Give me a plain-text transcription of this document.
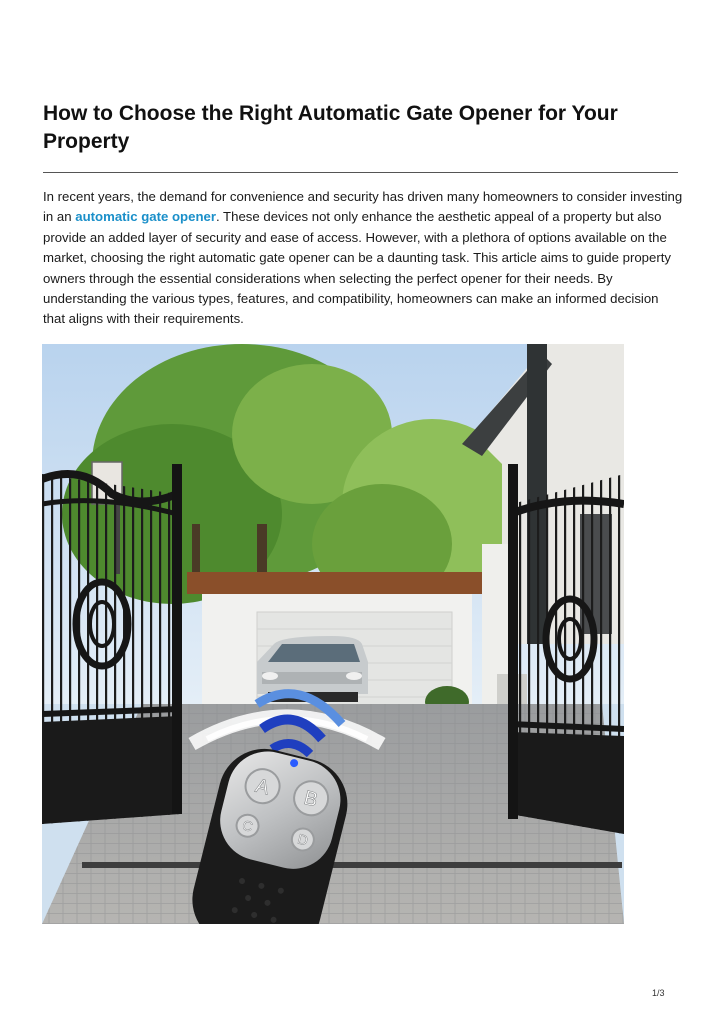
How to Choose the Right Automatic Gate Opener for Your Property

In recent years, the demand for convenience and security has driven many homeowners to consider investing in an automatic gate opener. These devices not only enhance the aesthetic appeal of a property but also provide an added layer of security and ease of access. However, with a plethora of options available on the market, choosing the right automatic gate opener can be a daunting task. This article aims to guide property owners through the essential considerations when selecting the perfect opener for their needs. By understanding the various types, features, and compatibility, homeowners can make an informed decision that aligns with their requirements.

A B
C
D
1/3
